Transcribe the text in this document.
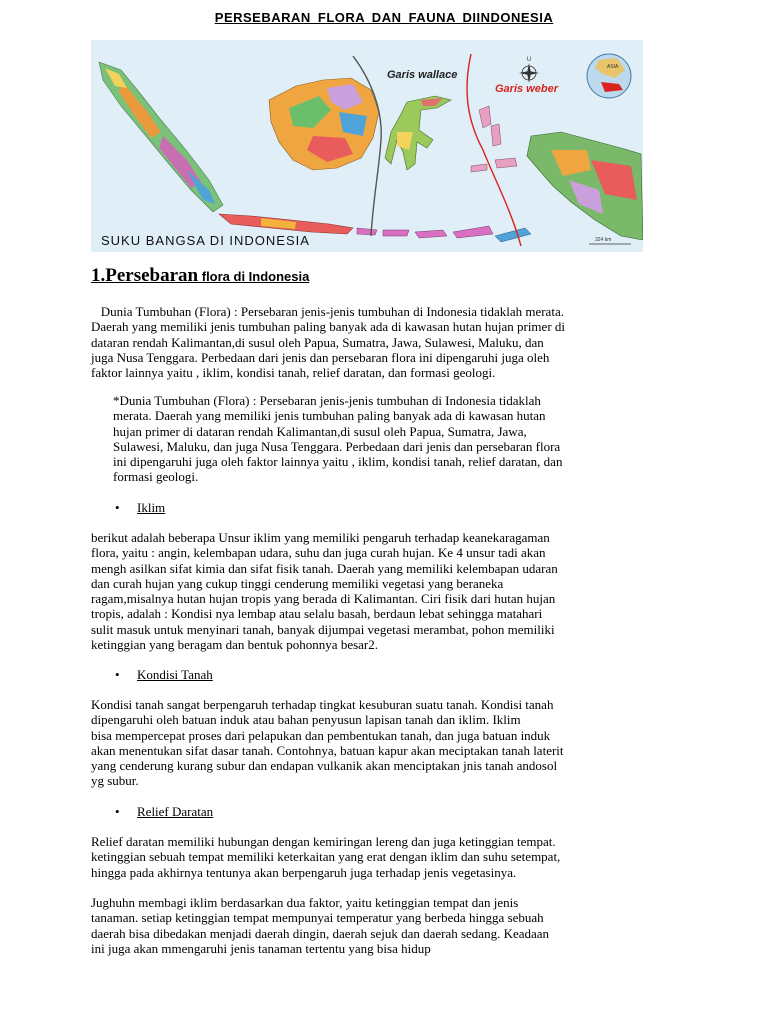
PERSEBARAN FLORA DAN FAUNA DIINDONESIA
U
ASIA
Garis wallace
Garis weber
SUKU BANGSA DI INDONESIA	324 km
1.Persebaran flora di Indonesia
Dunia Tumbuhan (Flora) : Persebaran jenis-jenis tumbuhan di Indonesia tidaklah merata.
Daerah yang memiliki jenis tumbuhan paling banyak ada di kawasan hutan hujan primer di
dataran rendah Kalimantan,di susul oleh Papua, Sumatra, Jawa, Sulawesi, Maluku, dan
juga Nusa Tenggara. Perbedaan dari jenis dan persebaran flora ini dipengaruhi juga oleh
faktor lainnya yaitu , iklim, kondisi tanah, relief daratan, dan formasi geologi.
*Dunia Tumbuhan (Flora) : Persebaran jenis-jenis tumbuhan di Indonesia tidaklah
merata. Daerah yang memiliki jenis tumbuhan paling banyak ada di kawasan hutan
hujan primer di dataran rendah Kalimantan,di susul oleh Papua, Sumatra, Jawa,
Sulawesi, Maluku, dan juga Nusa Tenggara. Perbedaan dari jenis dan persebaran flora
ini dipengaruhi juga oleh faktor lainnya yaitu , iklim, kondisi tanah, relief daratan, dan
formasi geologi.
• Iklim
berikut adalah beberapa Unsur iklim yang memiliki pengaruh terhadap keanekaragaman
flora, yaitu : angin, kelembapan udara, suhu dan juga curah hujan. Ke 4 unsur tadi akan
mengh asilkan sifat kimia dan sifat fisik tanah. Daerah yang memiliki kelembapan udaran
dan curah hujan yang cukup tinggi cenderung memiliki vegetasi yang beraneka
ragam,misalnya hutan hujan tropis yang berada di Kalimantan. Ciri fisik dari hutan hujan
tropis, adalah : Kondisi nya lembap atau selalu basah, berdaun lebat sehingga matahari
sulit masuk untuk menyinari tanah, banyak dijumpai vegetasi merambat, pohon memiliki
ketinggian yang beragam dan bentuk pohonnya besar2.
• Kondisi Tanah
Kondisi tanah sangat berpengaruh terhadap tingkat kesuburan suatu tanah. Kondisi tanah
dipengaruhi oleh batuan induk atau bahan penyusun lapisan tanah dan iklim. Iklim
bisa mempercepat proses dari pelapukan dan pembentukan tanah, dan juga batuan induk
akan menentukan sifat dasar tanah. Contohnya, batuan kapur akan meciptakan tanah laterit
yang cenderung kurang subur dan endapan vulkanik akan menciptakan jnis tanah andosol
yg subur.
• Relief Daratan
Relief daratan memiliki hubungan dengan kemiringan lereng dan juga ketinggian tempat.
ketinggian sebuah tempat memiliki keterkaitan yang erat dengan iklim dan suhu setempat,
hingga pada akhirnya tentunya akan berpengaruh juga terhadap jenis vegetasinya.
Jughuhn membagi iklim berdasarkan dua faktor, yaitu ketinggian tempat dan jenis
tanaman. setiap ketinggian tempat mempunyai temperatur yang berbeda hingga sebuah
daerah bisa dibedakan menjadi daerah dingin, daerah sejuk dan daerah sedang. Keadaan
ini juga akan mmengaruhi jenis tanaman tertentu yang bisa hidup
